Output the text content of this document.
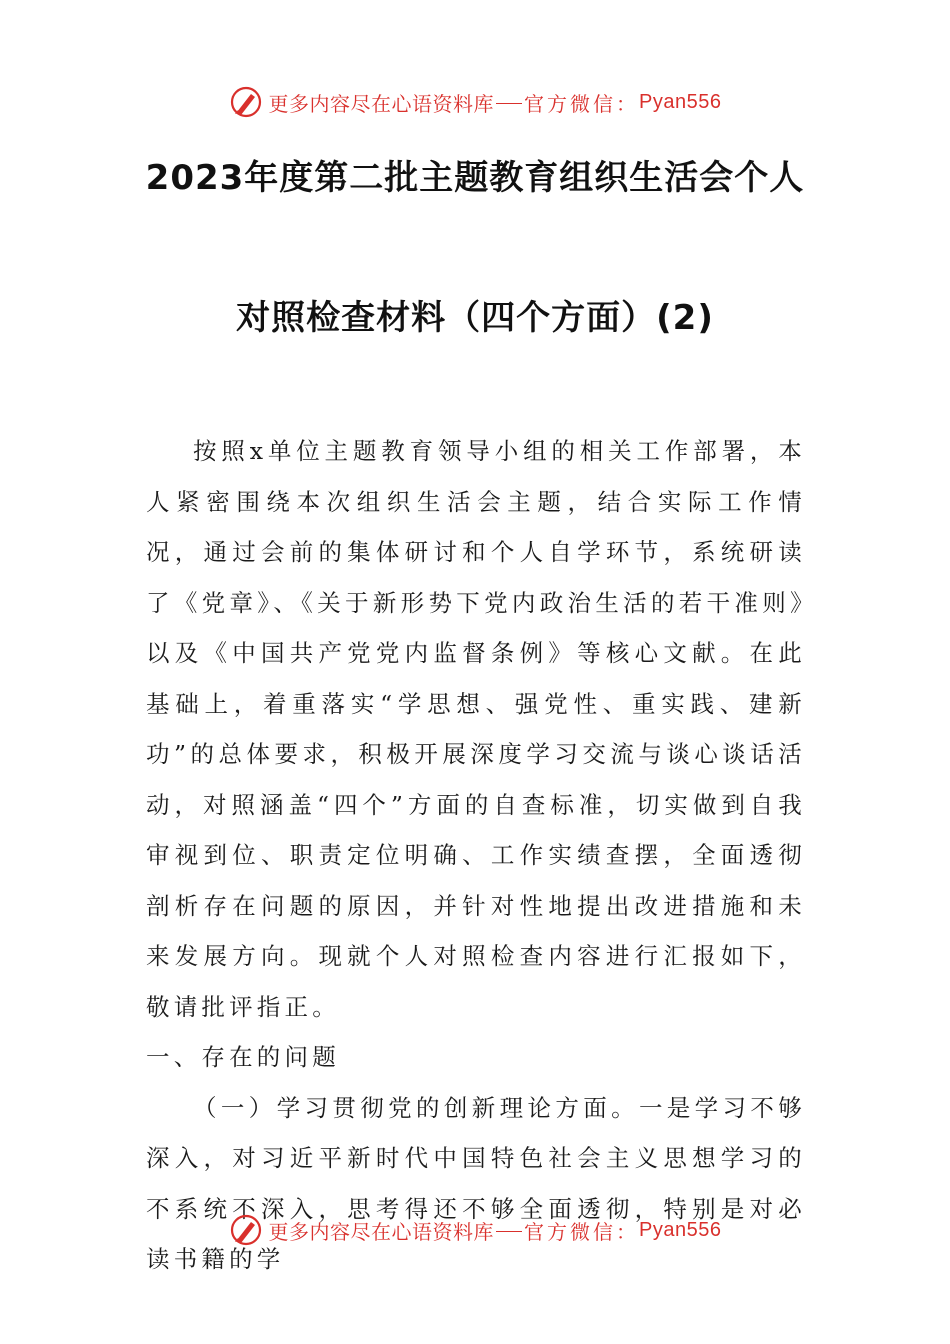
更多内容尽在心语资料库 官方微信： Pyan556
2023年度第二批主题教育组织生活会个人
对照检查材料（四个方面）(2)

按照x单位主题教育领导小组的相关工作部署，本人紧密围绕本次组织生活会主题，结合实际工作情况，通过会前的集体研讨和个人自学环节，系统研读了《党章》、《关于新形势下党内政治生活的若干准则》以及《中国共产党党内监督条例》等核心文献。在此基础上，着重落实“学思想、强党性、重实践、建新功”的总体要求，积极开展深度学习交流与谈心谈话活动，对照涵盖“四个”方面的自查标准，切实做到自我审视到位、职责定位明确、工作实绩查摆，全面透彻剖析存在问题的原因，并针对性地提出改进措施和未来发展方向。现就个人对照检查内容进行汇报如下，敬请批评指正。

一、存在的问题

（一）学习贯彻党的创新理论方面。一是学习不够深入，对习近平新时代中国特色社会主义思想学习的不系统不深入，思考得还不够全面透彻，特别是对必读书籍的学

更多内容尽在心语资料库 官方微信： Pyan556
